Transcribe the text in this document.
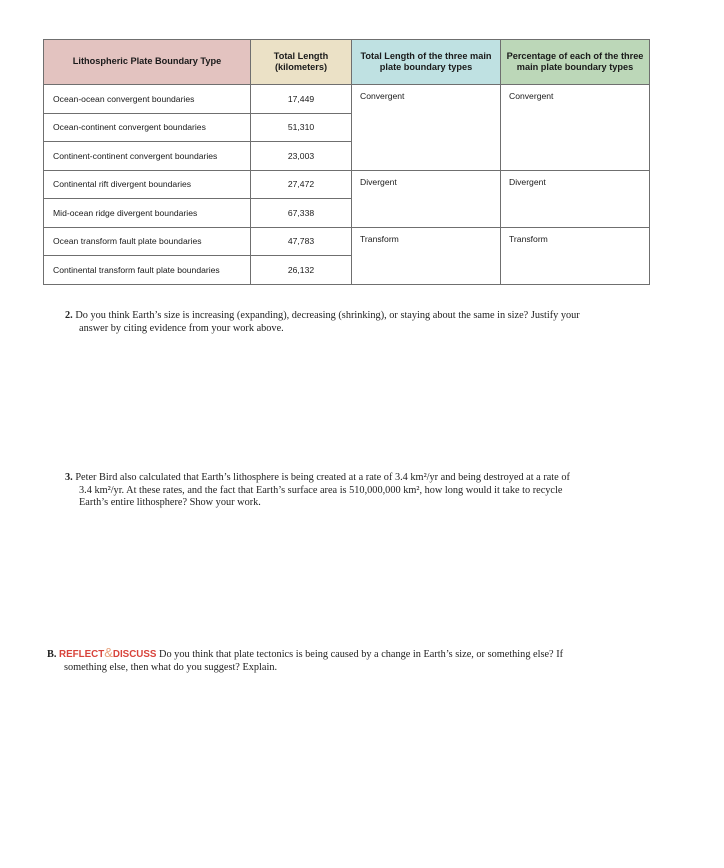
Lithospheric Plate Boundary Type	Total Length (kilometers)	Total Length of the three main plate boundary types	Percentage of each of the three main plate boundary types
Ocean-ocean convergent boundaries	17,449	Convergent	Convergent
Ocean-continent convergent boundaries	51,310		
Continent-continent convergent boundaries	23,003		
Continental rift divergent boundaries	27,472	Divergent	Divergent
Mid-ocean ridge divergent boundaries	67,338		
Ocean transform fault plate boundaries	47,783	Transform	Transform
Continental transform fault plate boundaries	26,132		
2. Do you think Earth’s size is increasing (expanding), decreasing (shrinking), or staying about the same in size? Justify your
answer by citing evidence from your work above.
3. Peter Bird also calculated that Earth’s lithosphere is being created at a rate of 3.4 km²/yr and being destroyed at a rate of
3.4 km²/yr. At these rates, and the fact that Earth’s surface area is 510,000,000 km², how long would it take to recycle
Earth’s entire lithosphere? Show your work.
B. REFLECT&DISCUSS Do you think that plate tectonics is being caused by a change in Earth’s size, or something else? If
something else, then what do you suggest? Explain.
